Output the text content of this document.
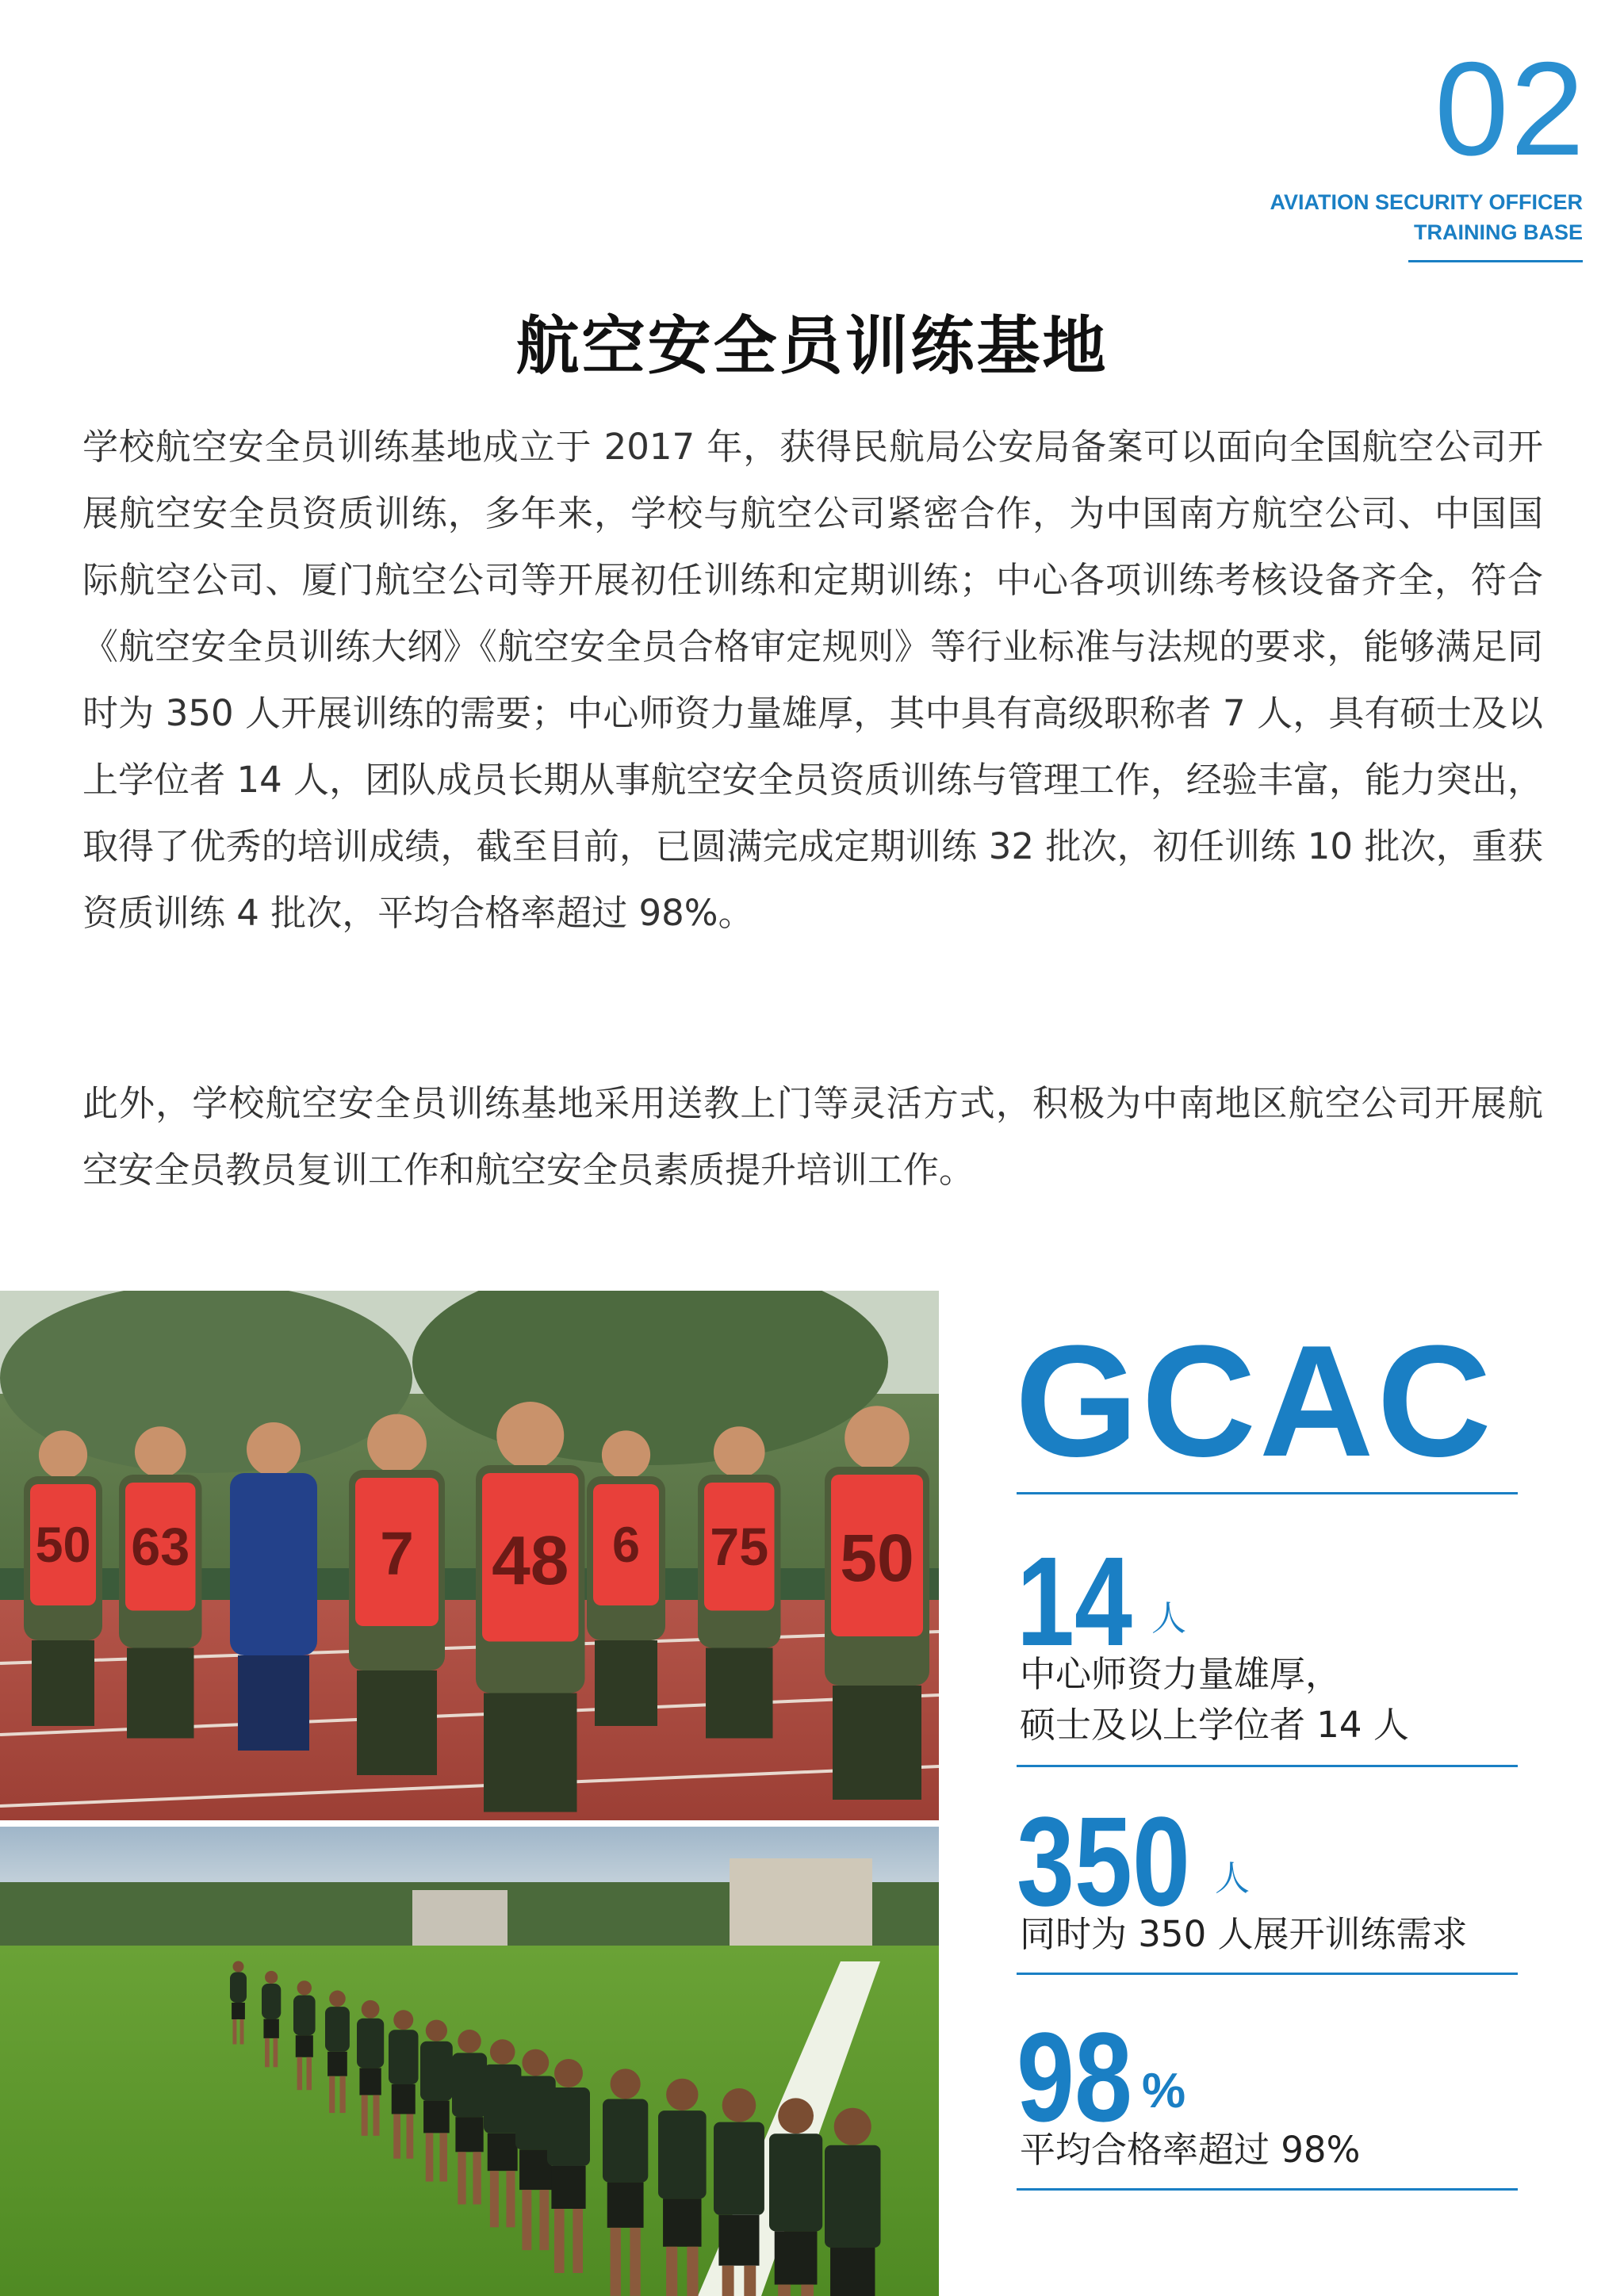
02
AVIATION SECURITY OFFICER
TRAINING BASE
航空安全员训练基地

学校航空安全员训练基地成立于 2017 年，获得民航局公安局备案可以面向全国航空公司开展航空安全员资质训练，多年来，学校与航空公司紧密合作，为中国南方航空公司、中国国际航空公司、厦门航空公司等开展初任训练和定期训练；中心各项训练考核设备齐全，符合《航空安全员训练大纲》《航空安全员合格审定规则》等行业标准与法规的要求，能够满足同时为 350 人开展训练的需要；中心师资力量雄厚，其中具有高级职称者 7 人，具有硕士及以上学位者 14 人，团队成员长期从事航空安全员资质训练与管理工作，经验丰富，能力突出，取得了优秀的培训成绩，截至目前，已圆满完成定期训练 32 批次，初任训练 10 批次，重获资质训练 4 批次，平均合格率超过 98%。

此外，学校航空安全员训练基地采用送教上门等灵活方式，积极为中南地区航空公司开展航空安全员教员复训工作和航空安全员素质提升培训工作。

50 63	7 48 6 75 50
GCAC
14 人
中心师资力量雄厚，
硕士及以上学位者 14 人
350 人
同时为 350 人展开训练需求
98 %
平均合格率超过 98%
